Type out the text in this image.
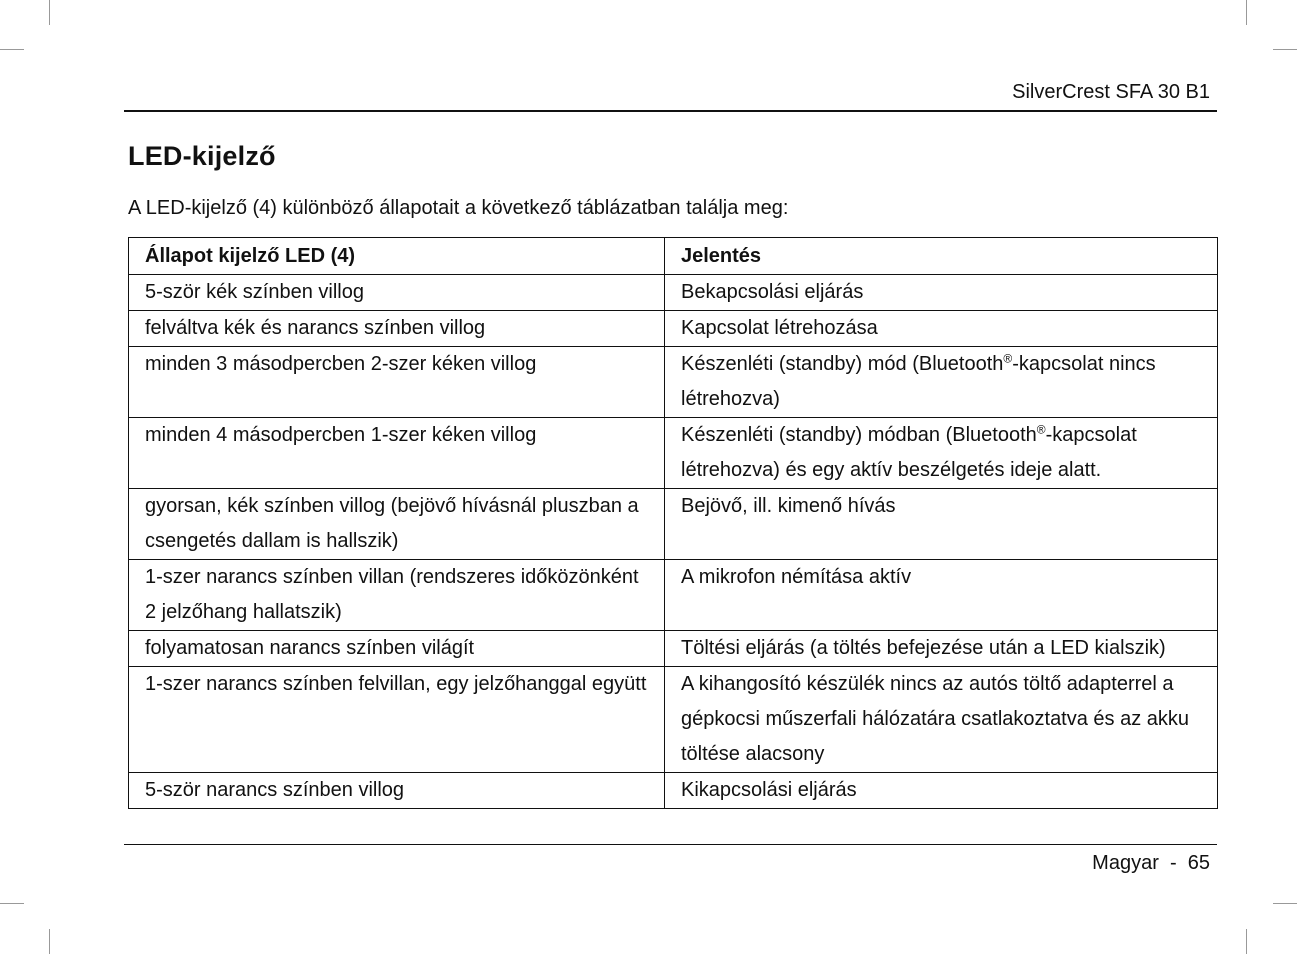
SilverCrest SFA 30 B1
LED-kijelző

A LED-kijelző (4) különböző állapotait a következő táblázatban találja meg:

Állapot kijelző LED (4)	Jelentés
5-ször kék színben villog	Bekapcsolási eljárás
felváltva kék és narancs színben villog	Kapcsolat létrehozása
minden 3 másodpercben 2-szer kéken villog	Készenléti (standby) mód (Bluetooth®-kapcsolat nincs létrehozva)
minden 4 másodpercben 1-szer kéken villog	Készenléti (standby) módban (Bluetooth®-kapcsolat létrehozva) és egy aktív beszélgetés ideje alatt.
gyorsan, kék színben villog (bejövő hívásnál pluszban a csengetés dallam is hallszik)	Bejövő, ill. kimenő hívás
1-szer narancs színben villan (rendszeres időközönként 2 jelzőhang hallatszik)	A mikrofon némítása aktív
folyamatosan narancs színben világít	Töltési eljárás (a töltés befejezése után a LED kialszik)
1-szer narancs színben felvillan, egy jelzőhanggal együtt	A kihangosító készülék nincs az autós töltő adapterrel a gépkocsi műszerfali hálózatára csatlakoztatva és az akku töltése alacsony
5-ször narancs színben villog	Kikapcsolási eljárás
Magyar  -  65
